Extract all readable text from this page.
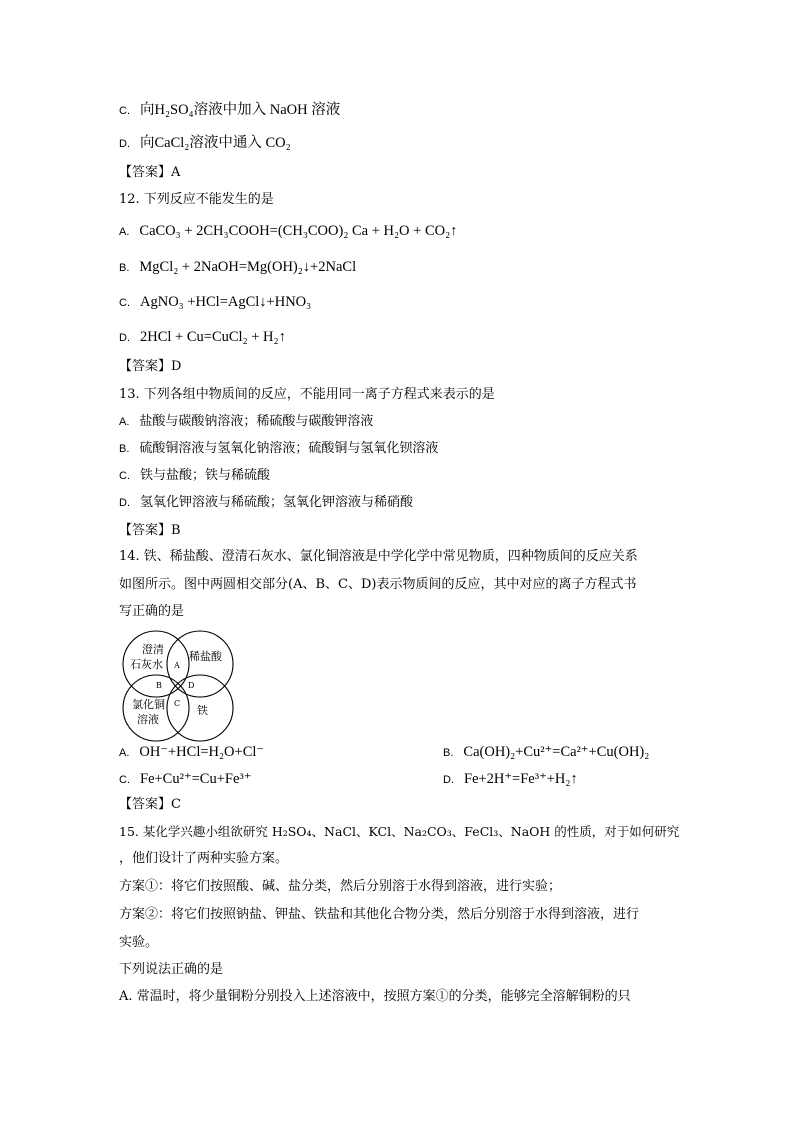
C. 向H₂SO₄溶液中加入 NaOH 溶液
D. 向CaCl₂溶液中通入 CO₂
【答案】A
12. 下列反应不能发生的是
A. CaCO₃ + 2CH₃COOH=(CH₃COO)₂ Ca + H₂O + CO₂↑
B. MgCl₂ + 2NaOH=Mg(OH)₂↓+2NaCl
C. AgNO₃ +HCl=AgCl↓+HNO₃
D. 2HCl + Cu=CuCl₂ + H₂↑
【答案】D
13. 下列各组中物质间的反应，不能用同一离子方程式来表示的是
A. 盐酸与碳酸钠溶液；稀硫酸与碳酸钾溶液
B. 硫酸铜溶液与氢氧化钠溶液；硫酸铜与氢氧化钡溶液
C. 铁与盐酸；铁与稀硫酸
D. 氢氧化钾溶液与稀硫酸；氢氧化钾溶液与稀硝酸
【答案】B
14. 铁、稀盐酸、澄清石灰水、氯化铜溶液是中学化学中常见物质，四种物质间的反应关系
如图所示。图中两圆相交部分(A、B、C、D)表示物质间的反应，其中对应的离子方程式书
写正确的是
澄清
石灰水
稀盐酸
氯化铜
溶液
铁
A
B
C
D
A. OH⁻+HCl=H₂O+Cl⁻	B. Ca(OH)₂+Cu²⁺=Ca²⁺+Cu(OH)₂
C. Fe+Cu²⁺=Cu+Fe³⁺	D. Fe+2H⁺=Fe³⁺+H₂↑
【答案】C
15. 某化学兴趣小组欲研究 H₂SO₄、NaCl、KCl、Na₂CO₃、FeCl₃、NaOH 的性质，对于如何研究
，他们设计了两种实验方案。
方案①：将它们按照酸、碱、盐分类，然后分别溶于水得到溶液，进行实验；
方案②：将它们按照钠盐、钾盐、铁盐和其他化合物分类，然后分别溶于水得到溶液，进行
实验。
下列说法正确的是
A. 常温时，将少量铜粉分别投入上述溶液中，按照方案①的分类，能够完全溶解铜粉的只
